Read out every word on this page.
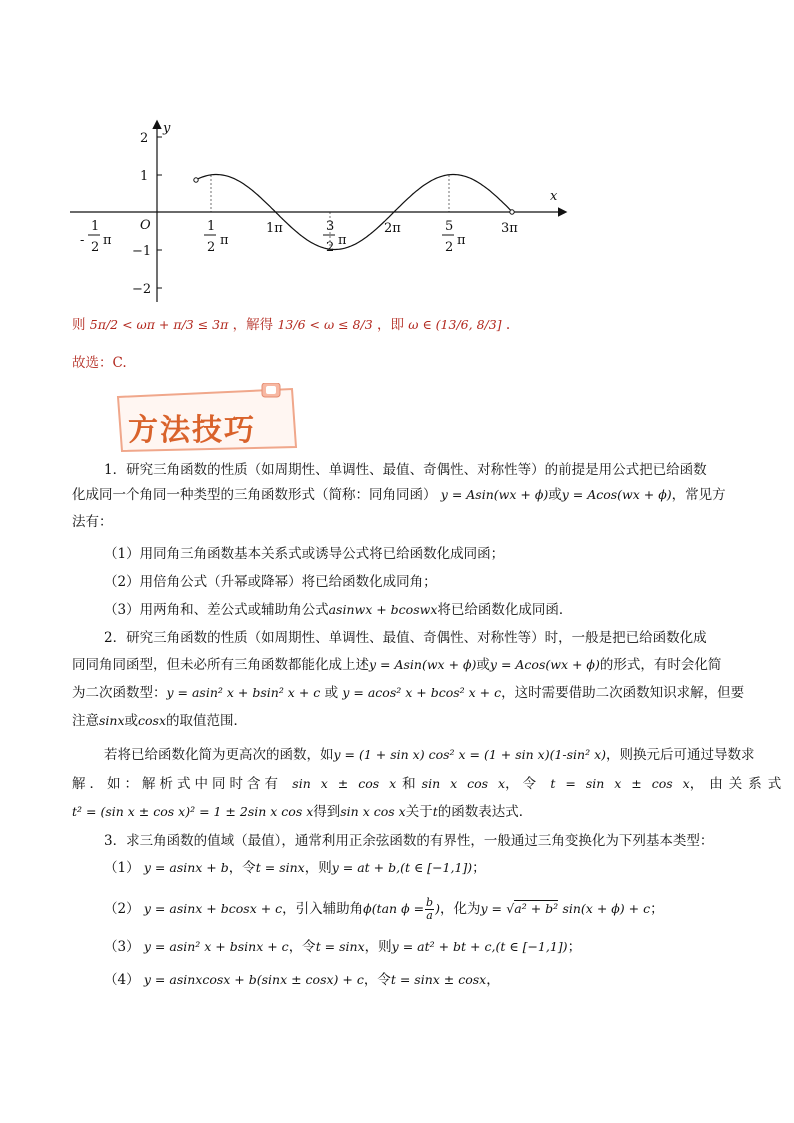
y
x
O
2
1
−1
−2
-
1
2 π
1
2 π
1π	3
2 π
2π	5
2 π
3π
则 5π/2 < ωπ + π/3 ≤ 3π ，解得 13/6 < ω ≤ 8/3 ，即 ω ∈ (13/6, 8/3] .
故选：C.
方法技巧
1．研究三角函数的性质（如周期性、单调性、最值、奇偶性、对称性等）的前提是用公式把已给函数
化成同一个角同一种类型的三角函数形式（简称：同角同函） y = Asin(wx + ϕ)或y = Acos(wx + ϕ)，常见方
法有：
（1）用同角三角函数基本关系式或诱导公式将已给函数化成同函；
（2）用倍角公式（升幂或降幂）将已给函数化成同角；
（3）用两角和、差公式或辅助角公式asinwx + bcoswx将已给函数化成同函．
2．研究三角函数的性质（如周期性、单调性、最值、奇偶性、对称性等）时，一般是把已给函数化成
同同角同函型，但未必所有三角函数都能化成上述y = Asin(wx + ϕ)或y = Acos(wx + ϕ)的形式，有时会化简
为二次函数型：y = asin² x + bsin² x + c 或 y = acos² x + bcos² x + c，这时需要借助二次函数知识求解，但要
注意sinx或cosx的取值范围．
若将已给函数化简为更高次的函数，如y = (1 + sin x) cos² x = (1 + sin x)(1-sin² x)，则换元后可通过导数求
解．如：解析式中同时含有 sin x ± cos x 和 sin x cos x，令 t = sin x ± cos x，由关系式
t² = (sin x ± cos x)² = 1 ± 2sin x cos x得到sin x cos x关于t的函数表达式．
3．求三角函数的值域（最值），通常利用正余弦函数的有界性，一般通过三角变换化为下列基本类型：
（1） y = asinx + b，令t = sinx，则y = at + b,(t ∈ [−1,1])；
（2） y = asinx + bcosx + c，引入辅助角ϕ(tan $\phi = \frac{b}{a}$ )，化为y = √a² + b² sin(x + ϕ) + c；
（3） y = asin² x + bsinx + c，令t = sinx，则y = at² + bt + c,(t ∈ [−1,1])；
（4） y = asinxcosx + b(sinx ± cosx) + c，令t = sinx ± cosx，
